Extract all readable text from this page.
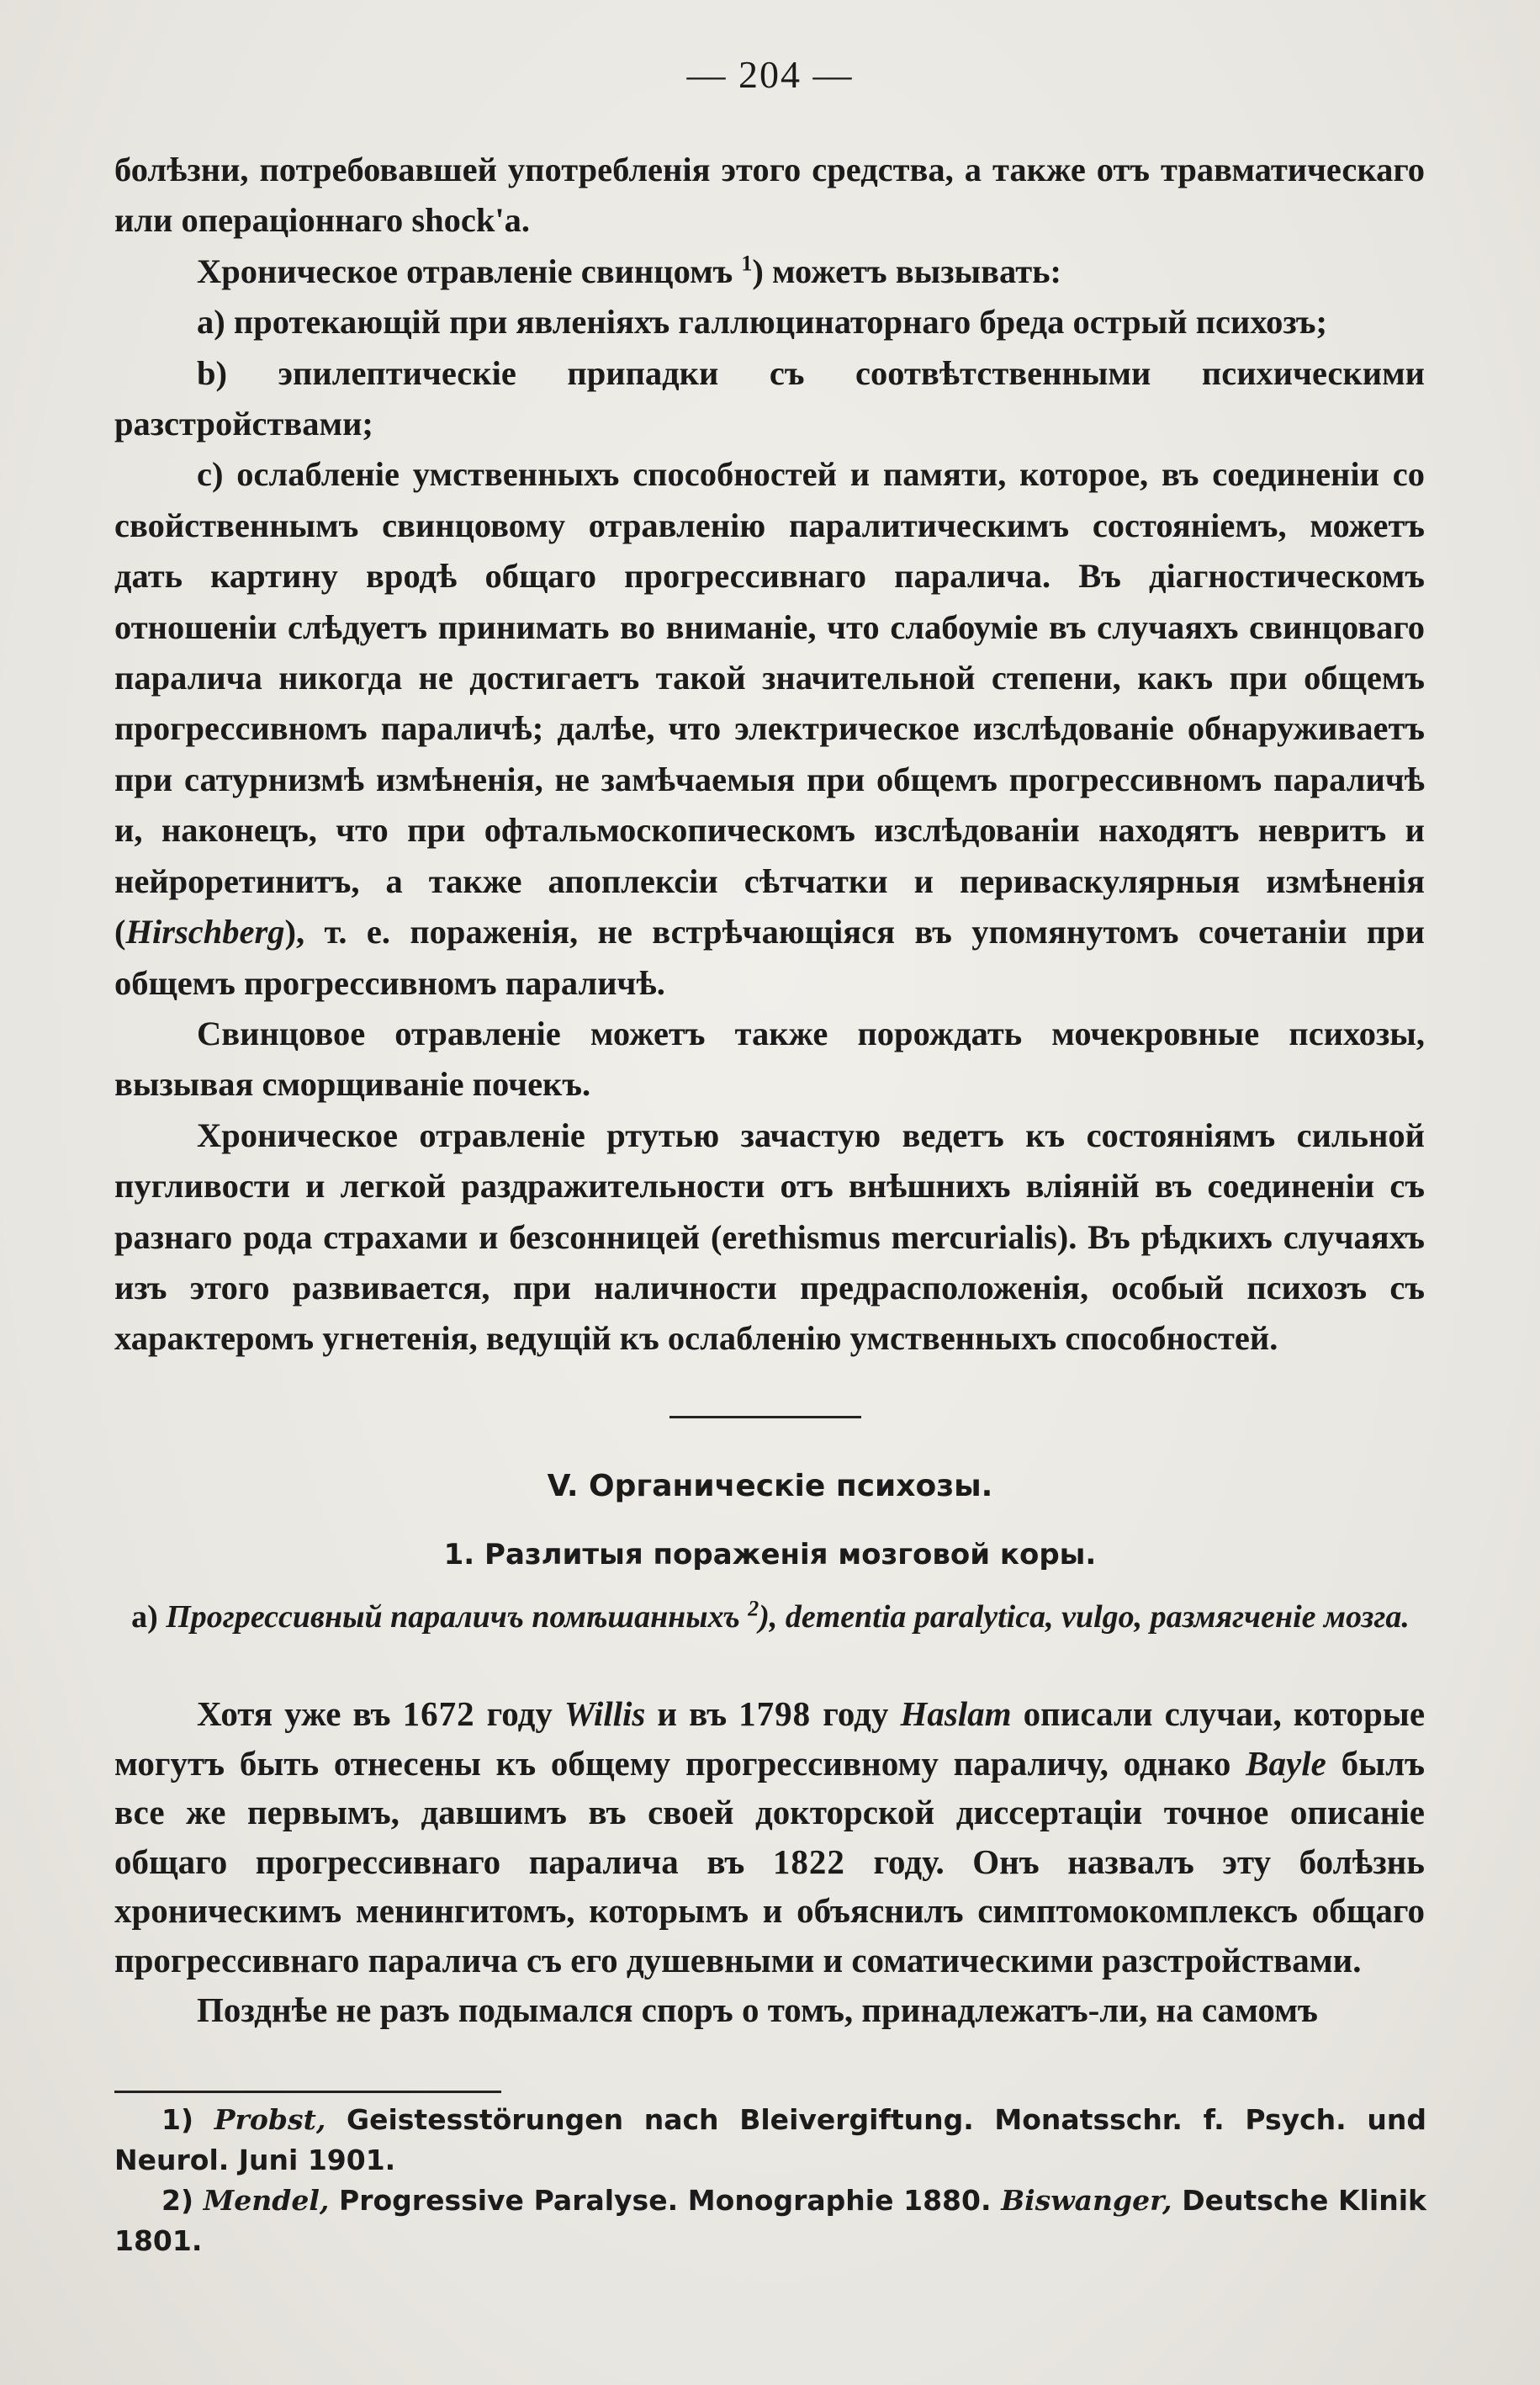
— 204 —

болѣзни, потребовавшей употребленія этого средства, а также отъ травматическаго или операціоннаго shock'а.

Хроническое отравленіе свинцомъ $^1$) можетъ вызывать:

а) протекающій при явленіяхъ галлюцинаторнаго бреда острый психозъ;

b) эпилептическіе припадки съ соотвѣтственными психическими разстройствами;

c) ослабленіе умственныхъ способностей и памяти, которое, въ соединеніи со свойственнымъ свинцовому отравленію паралитическимъ состояніемъ, можетъ дать картину вродѣ общаго прогрессивнаго паралича. Въ діагностическомъ отношеніи слѣдуетъ принимать во вниманіе, что слабоуміе въ случаяхъ свинцоваго паралича никогда не достигаетъ такой значительной степени, какъ при общемъ прогрессивномъ параличѣ; далѣе, что электрическое изслѣдованіе обнаруживаетъ при сатурнизмѣ измѣненія, не замѣчаемыя при общемъ прогрессивномъ параличѣ и, наконецъ, что при офтальмоскопическомъ изслѣдованіи находятъ невритъ и нейроретинитъ, а также апоплексіи сѣтчатки и периваскулярныя измѣненія (Hirschberg), т. е. пораженія, не встрѣчающіяся въ упомянутомъ сочетаніи при общемъ прогрессивномъ параличѣ.

Свинцовое отравленіе можетъ также порождать мочекровные психозы, вызывая сморщиваніе почекъ.

Хроническое отравленіе ртутью зачастую ведетъ къ состояніямъ сильной пугливости и легкой раздражительности отъ внѣшнихъ вліяній въ соединеніи съ разнаго рода страхами и безсонницей (erethismus mercurialis). Въ рѣдкихъ случаяхъ изъ этого развивается, при наличности предрасположенія, особый психозъ съ характеромъ угнетенія, ведущій къ ослабленію умственныхъ способностей.

V. Органическіе психозы.
1. Разлитыя пораженія мозговой коры.
a) Прогрессивный параличъ помѣшанныхъ $^2$), dementia paralytica, vulgo, размягченіе мозга.

Хотя уже въ 1672 году Willis и въ 1798 году Haslam описали случаи, которые могутъ быть отнесены къ общему прогрессивному параличу, однако Bayle былъ все же первымъ, давшимъ въ своей докторской диссертаціи точное описаніе общаго прогрессивнаго паралича въ 1822 году. Онъ назвалъ эту болѣзнь хроническимъ менингитомъ, которымъ и объяснилъ симптомокомплексъ общаго прогрессивнаго паралича съ его душевными и соматическими разстройствами.

Позднѣе не разъ подымался споръ о томъ, принадлежатъ-ли, на самомъ

1) Probst, Geistesstörungen nach Bleivergiftung. Monatsschr. f. Psych. und Neurol. Juni 1901.

2) Mendel, Progressive Paralyse. Monographie 1880. Biswanger, Deutsche Klinik 1801.
